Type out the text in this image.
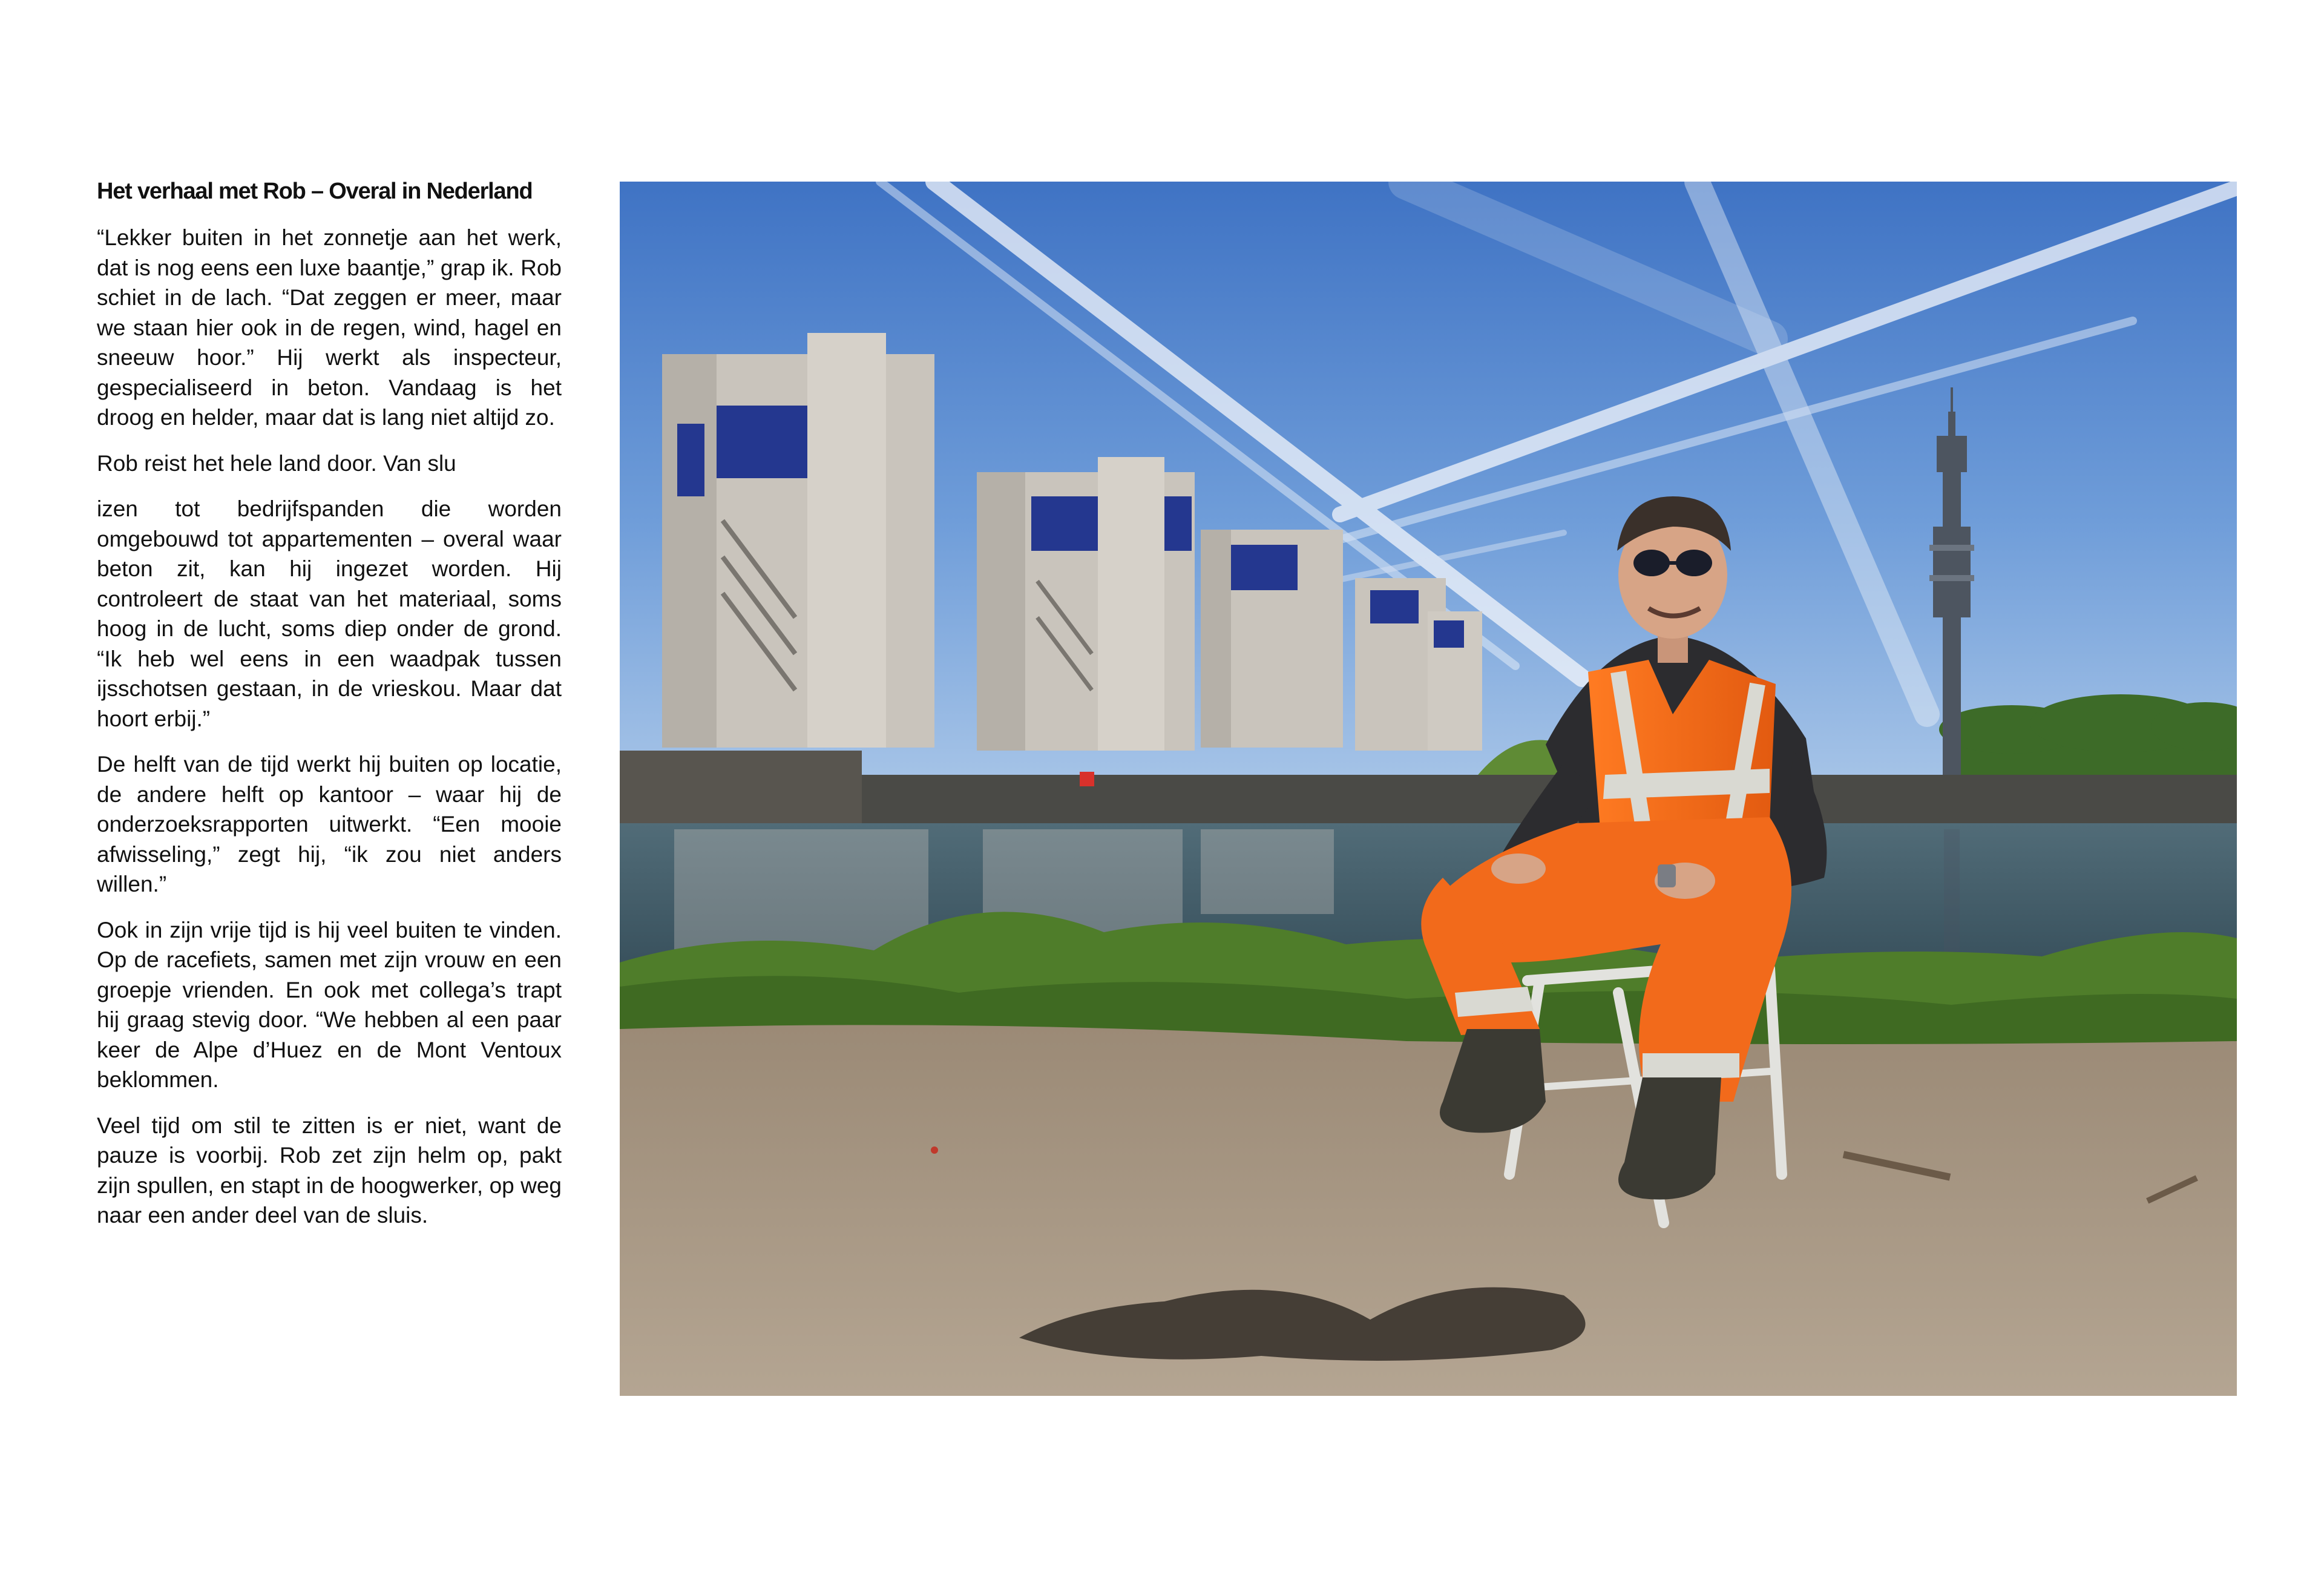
Het verhaal met Rob – Overal in Nederland

“Lekker buiten in het zonnetje aan het werk, dat is nog eens een luxe baantje,” grap ik. Rob schiet in de lach. “Dat zeggen er meer, maar we staan hier ook in de regen, wind, hagel en sneeuw hoor.” Hij werkt als inspecteur, gespecialiseerd in beton. Vandaag is het droog en helder, maar dat is lang niet altijd zo.

Rob reist het hele land door. Van slu

izen tot bedrijfspanden die worden omgebouwd tot appartementen – overal waar beton zit, kan hij ingezet worden. Hij controleert de staat van het materiaal, soms hoog in de lucht, soms diep onder de grond. “Ik heb wel eens in een waadpak tussen ijsschotsen gestaan, in de vrieskou. Maar dat hoort erbij.”

De helft van de tijd werkt hij buiten op locatie, de andere helft op kantoor – waar hij de onderzoeksrapporten uitwerkt. “Een mooie afwisseling,” zegt hij, “ik zou niet anders willen.”

Ook in zijn vrije tijd is hij veel buiten te vinden. Op de racefiets, samen met zijn vrouw en een groepje vrienden. En ook met collega’s trapt hij graag stevig door. “We hebben al een paar keer de Alpe d’Huez en de Mont Ventoux beklommen.

Veel tijd om stil te zitten is er niet, want de pauze is voorbij. Rob zet zijn helm op, pakt zijn spullen, en stapt in de hoogwerker, op weg naar een ander deel van de sluis.
